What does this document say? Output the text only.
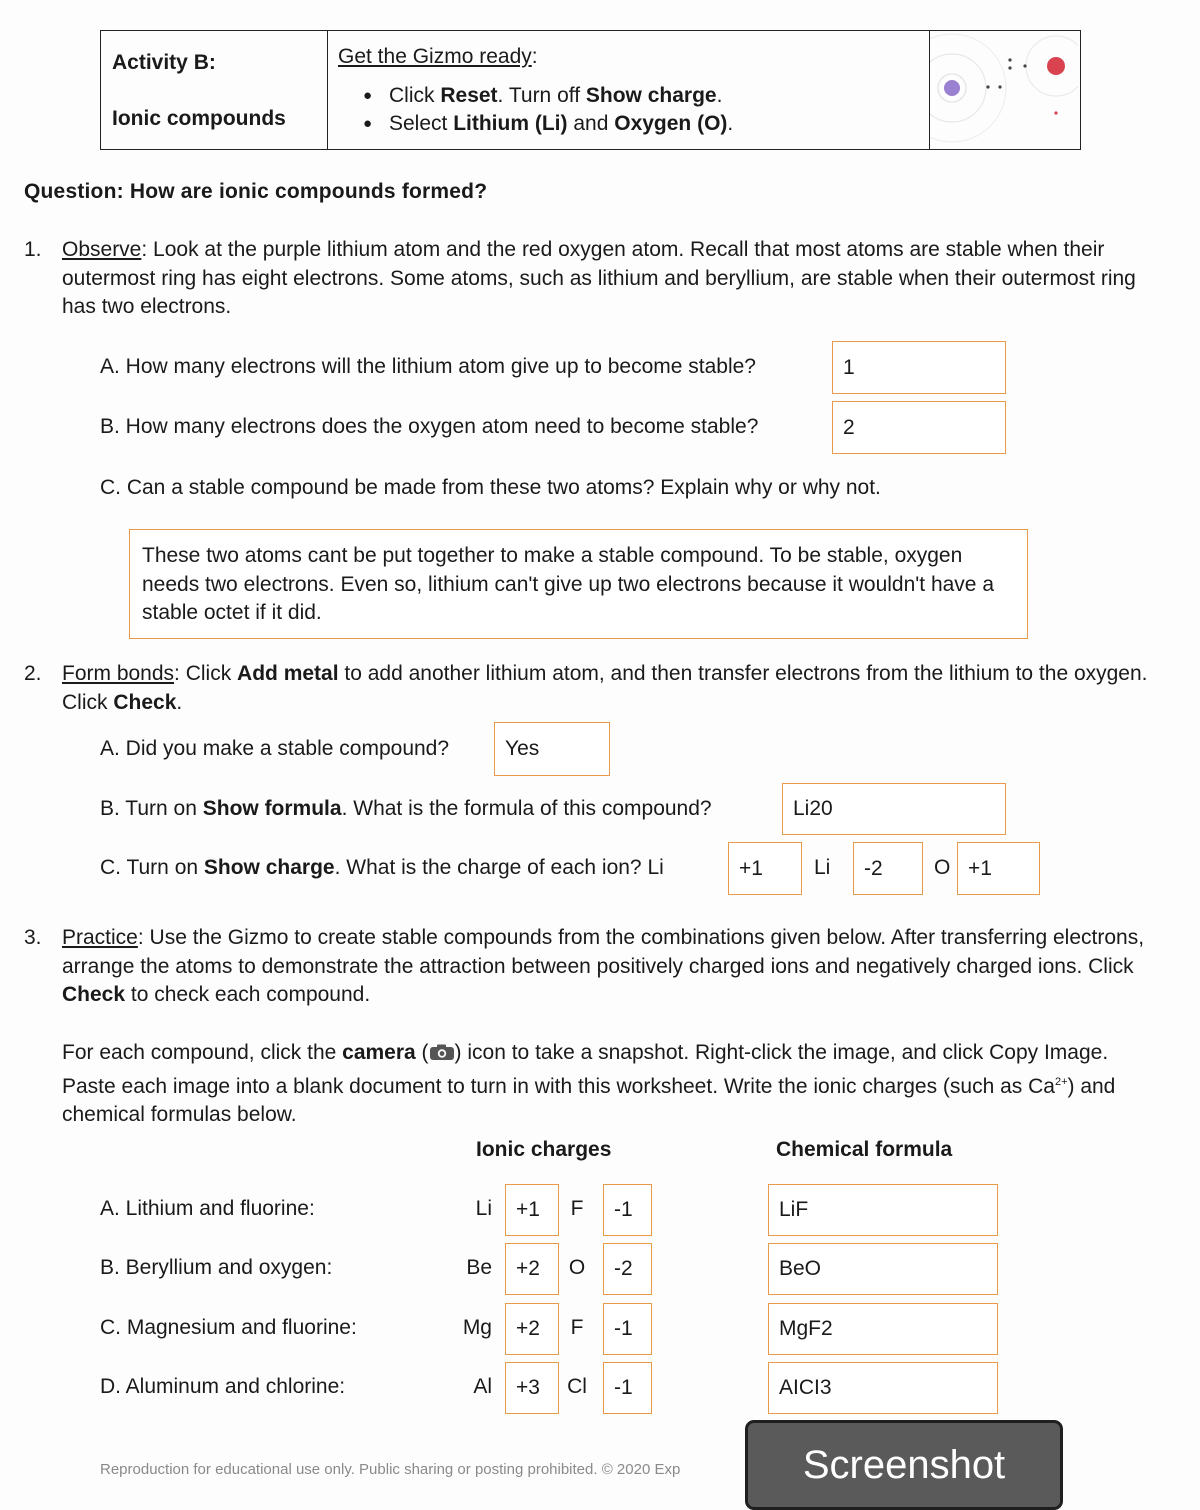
Activity B:
Ionic compounds
Get the Gizmo ready:
● Click Reset. Turn off Show charge.
● Select Lithium (Li) and Oxygen (O).
Question: How are ionic compounds formed?
1. Observe: Look at the purple lithium atom and the red oxygen atom. Recall that most atoms are stable when their outermost ring has eight electrons. Some atoms, such as lithium and beryllium, are stable when their outermost ring has two electrons.
A. How many electrons will the lithium atom give up to become stable?	1
B. How many electrons does the oxygen atom need to become stable?	2
C. Can a stable compound be made from these two atoms? Explain why or why not.
These two atoms cant be put together to make a stable compound. To be stable, oxygen needs two electrons. Even so, lithium can't give up two electrons because it wouldn't have a stable octet if it did.
2. Form bonds: Click Add metal to add another lithium atom, and then transfer electrons from the lithium to the oxygen. Click Check.
A. Did you make a stable compound?	Yes
B. Turn on Show formula. What is the formula of this compound?	Li20
C. Turn on Show charge. What is the charge of each ion? Li	+1	Li	-2	O +1
3. Practice: Use the Gizmo to create stable compounds from the combinations given below. After transferring electrons, arrange the atoms to demonstrate the attraction between positively charged ions and negatively charged ions. Click Check to check each compound.
For each compound, click the camera ( ) icon to take a snapshot. Right-click the image, and click Copy Image. Paste each image into a blank document to turn in with this worksheet. Write the ionic charges (such as $Ca^{2+}$) and chemical formulas below.
Ionic charges	Chemical formula
A. Lithium and fluorine:	Li	+1	F	-1	LiF
B. Beryllium and oxygen:	Be	+2	O	-2	BeO
C. Magnesium and fluorine:	Mg	+2	F	-1	MgF2
D. Aluminum and chlorine:	Al	+3	Cl	-1	AICI3
Reproduction for educational use only. Public sharing or posting prohibited. © 2020 Exp	Screenshot
